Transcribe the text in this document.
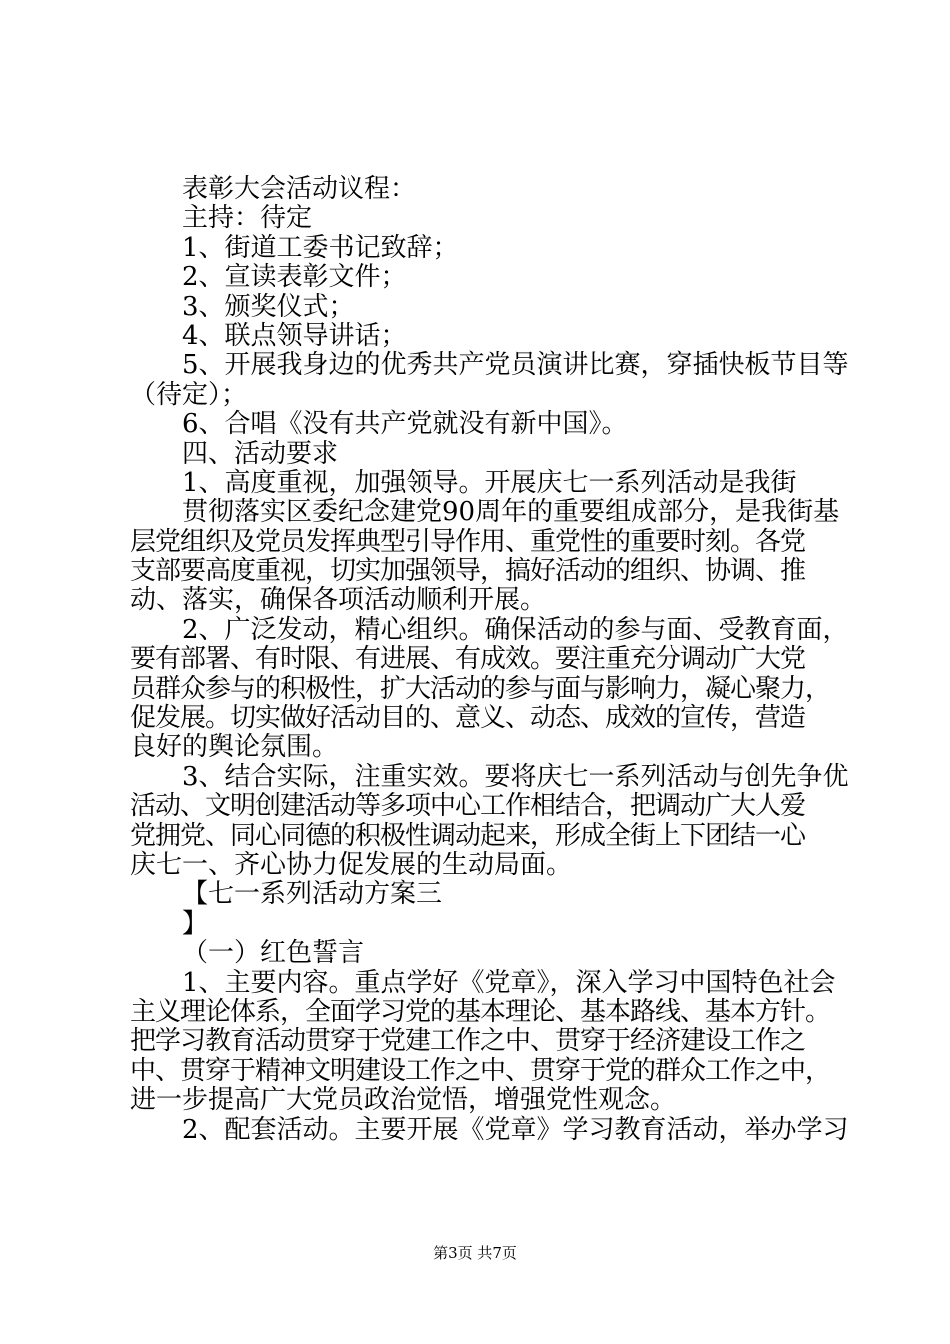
表彰大会活动议程：
主持：待定
1、街道工委书记致辞；
2、宣读表彰文件；
3、颁奖仪式；
4、联点领导讲话；
5、开展我身边的优秀共产党员演讲比赛，穿插快板节目等
（待定）；
6、合唱《没有共产党就没有新中国》。
四、活动要求
1、高度重视，加强领导。开展庆七一系列活动是我街
贯彻落实区委纪念建党90周年的重要组成部分，是我街基
层党组织及党员发挥典型引导作用、重党性的重要时刻。各党
支部要高度重视，切实加强领导，搞好活动的组织、协调、推
动、落实，确保各项活动顺利开展。
2、广泛发动，精心组织。确保活动的参与面、受教育面，
要有部署、有时限、有进展、有成效。要注重充分调动广大党
员群众参与的积极性，扩大活动的参与面与影响力，凝心聚力，
促发展。切实做好活动目的、意义、动态、成效的宣传，营造
良好的舆论氛围。
3、结合实际，注重实效。要将庆七一系列活动与创先争优
活动、文明创建活动等多项中心工作相结合，把调动广大人爱
党拥党、同心同德的积极性调动起来，形成全街上下团结一心
庆七一、齐心协力促发展的生动局面。
【七一系列活动方案三
】
（一）红色誓言
1、主要内容。重点学好《党章》，深入学习中国特色社会
主义理论体系，全面学习党的基本理论、基本路线、基本方针。
把学习教育活动贯穿于党建工作之中、贯穿于经济建设工作之
中、贯穿于精神文明建设工作之中、贯穿于党的群众工作之中，
进一步提高广大党员政治觉悟，增强党性观念。
2、配套活动。主要开展《党章》学习教育活动，举办学习
第3页 共7页
